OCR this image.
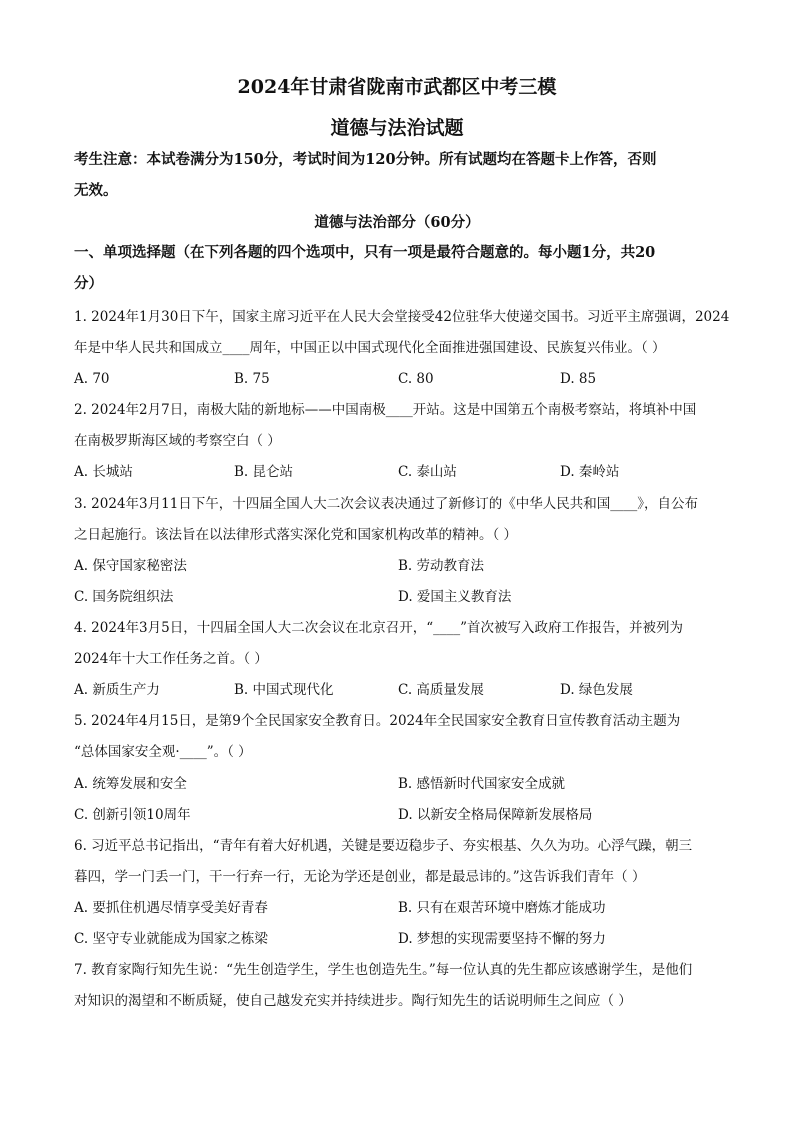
2024年甘肃省陇南市武都区中考三模
道德与法治试题
考生注意：本试卷满分为150分，考试时间为120分钟。所有试题均在答题卡上作答，否则
无效。
道德与法治部分（60分）
一、单项选择题（在下列各题的四个选项中，只有一项是最符合题意的。每小题1分，共20
分）
1. 2024年1月30日下午，国家主席习近平在人民大会堂接受42位驻华大使递交国书。习近平主席强调，2024
年是中华人民共和国成立____周年，中国正以中国式现代化全面推进强国建设、民族复兴伟业。（ ）
A. 70	B. 75	C. 80	D. 85
2. 2024年2月7日，南极大陆的新地标——中国南极____开站。这是中国第五个南极考察站，将填补中国
在南极罗斯海区域的考察空白（ ）
A. 长城站	B. 昆仑站	C. 泰山站	D. 秦岭站
3. 2024年3月11日下午，十四届全国人大二次会议表决通过了新修订的《中华人民共和国____》，自公布
之日起施行。该法旨在以法律形式落实深化党和国家机构改革的精神。（ ）
A. 保守国家秘密法	B. 劳动教育法
C. 国务院组织法	D. 爱国主义教育法
4. 2024年3月5日，十四届全国人大二次会议在北京召开，“____”首次被写入政府工作报告，并被列为
2024年十大工作任务之首。（ ）
A. 新质生产力	B. 中国式现代化	C. 高质量发展	D. 绿色发展
5. 2024年4月15日，是第9个全民国家安全教育日。2024年全民国家安全教育日宣传教育活动主题为
“总体国家安全观·____”。（ ）
A. 统筹发展和安全	B. 感悟新时代国家安全成就
C. 创新引领10周年	D. 以新安全格局保障新发展格局
6. 习近平总书记指出，“青年有着大好机遇，关键是要迈稳步子、夯实根基、久久为功。心浮气躁，朝三
暮四，学一门丢一门，干一行弃一行，无论为学还是创业，都是最忌讳的。”这告诉我们青年（ ）
A. 要抓住机遇尽情享受美好青春	B. 只有在艰苦环境中磨炼才能成功
C. 坚守专业就能成为国家之栋梁	D. 梦想的实现需要坚持不懈的努力
7. 教育家陶行知先生说：“先生创造学生，学生也创造先生。”每一位认真的先生都应该感谢学生，是他们
对知识的渴望和不断质疑，使自己越发充实并持续进步。陶行知先生的话说明师生之间应（ ）
